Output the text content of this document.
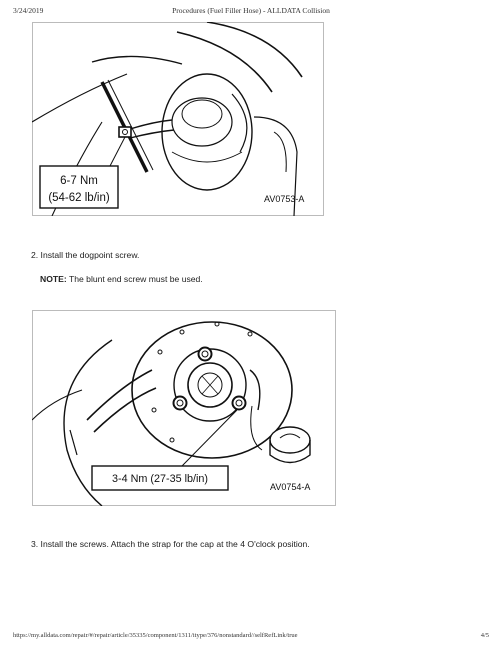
3/24/2019	Procedures (Fuel Filler Hose) - ALLDATA Collision
6-7 Nm
(54-62 lb/in)	AV0753-A
2. Install the dogpoint screw.
NOTE: The blunt end screw must be used.
3-4 Nm (27-35 lb/in)
AV0754-A
3. Install the screws. Attach the strap for the cap at the 4 O'clock position.
https://my.alldata.com/repair/#/repair/article/35335/component/1311/itype/376/nonstandard//selfRefLink/true	4/5
